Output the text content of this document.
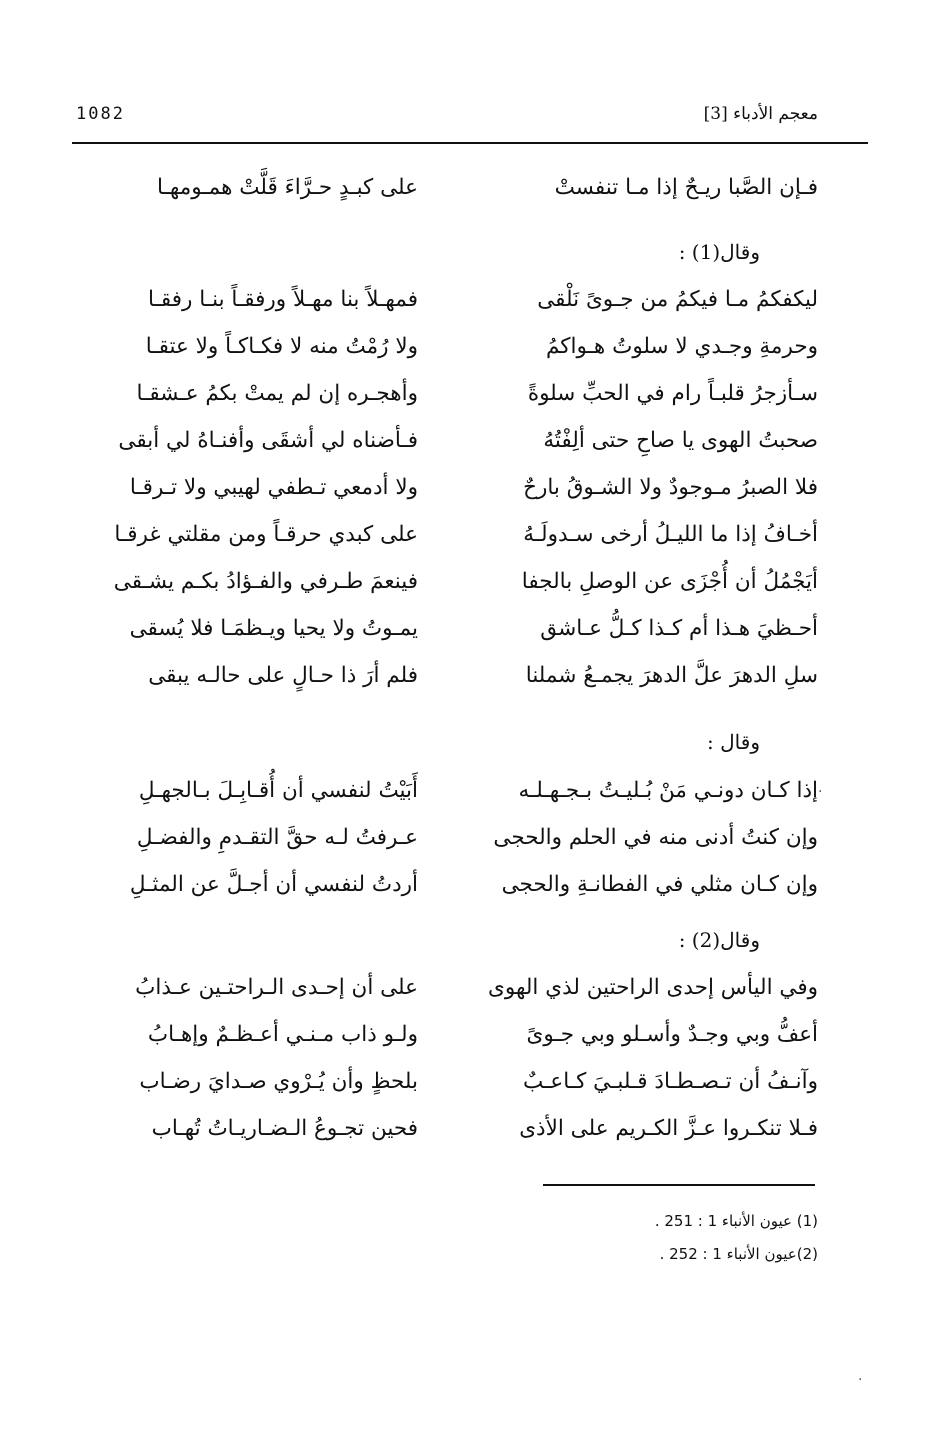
معجم الأدباء [3]
1082
فـإن الصَّبا ريـحٌ إذا مـا تنفستْ
على كبـدٍ حـرَّاءَ قَلَّتْ همـومهـا
وقال(1) :
ليكفكمُ مـا فيكمُ من جـوىً نَلْقى
فمهـلاً بنا مهـلاً ورفقـاً بنـا رفقـا
وحرمةِ وجـدي لا سلوتُ هـواكمُ
ولا رُمْتُ منه لا فكـاكـاً ولا عتقـا
سـأزجرُ قلبـاً رام في الحبِّ سلوةً
وأهجـره إن لم يمتْ بكمُ عـشقـا
صحبتُ الهوى يا صاحِ حتى ألِفْتُهُ
فـأضناه لي أشقَى وأفنـاهُ لي أبقى
فلا الصبرُ مـوجودٌ ولا الشـوقُ بارحٌ
ولا أدمعي تـطفي لهيبي ولا تـرقـا
أخـافُ إذا ما الليـلُ أرخى سـدولَـهُ
على كبدي حرقـاً ومن مقلتي غرقـا
أيَجْمُلُ أن أُجْزَى عن الوصلِ بالجفا
فينعمَ طـرفي والفـؤادُ بكـم يشـقى
أحـظيَ هـذا أم كـذا كـلُّ عـاشق
يمـوتُ ولا يحيا ويـظمَـا فلا يُسقى
سلِ الدهرَ علَّ الدهرَ يجمـعُ شملنا
فلم أرَ ذا حـالٍ على حالـه يبقى
وقال :
إذا كـان دونـي مَنْ بُـليـتُ بـجـهـلـه
أَبَيْتُ لنفسي أن أُقـابِـلَ بـالجهـلِ
وإن كنتُ أدنى منه في الحلم والحجى
عـرفتُ لـه حقَّ التقـدمِ والفضـلِ
وإن كـان مثلي في الفطانـةِ والحجى
أردتُ لنفسي أن أجـلَّ عن المثـلِ
وقال(2) :
وفي اليأس إحدى الراحتين لذي الهوى
على أن إحـدى الـراحتـين عـذابُ
أعفُّ وبي وجـدٌ وأسـلو وبي جـوىً
ولـو ذاب مـنـي أعـظـمٌ وإهـابُ
وآنـفُ أن تـصـطـادَ قـلبـيَ كـاعـبٌ
بلحظٍ وأن يُـرْوي صـدايَ رضـاب
فـلا تنكـروا عـزَّ الكـريم على الأذى
فحين تجـوعُ الـضـاريـاتُ تُهـاب
(1) عيون الأنباء 1 : 251 .
(2)عيون الأنباء 1 : 252 .
·
·
